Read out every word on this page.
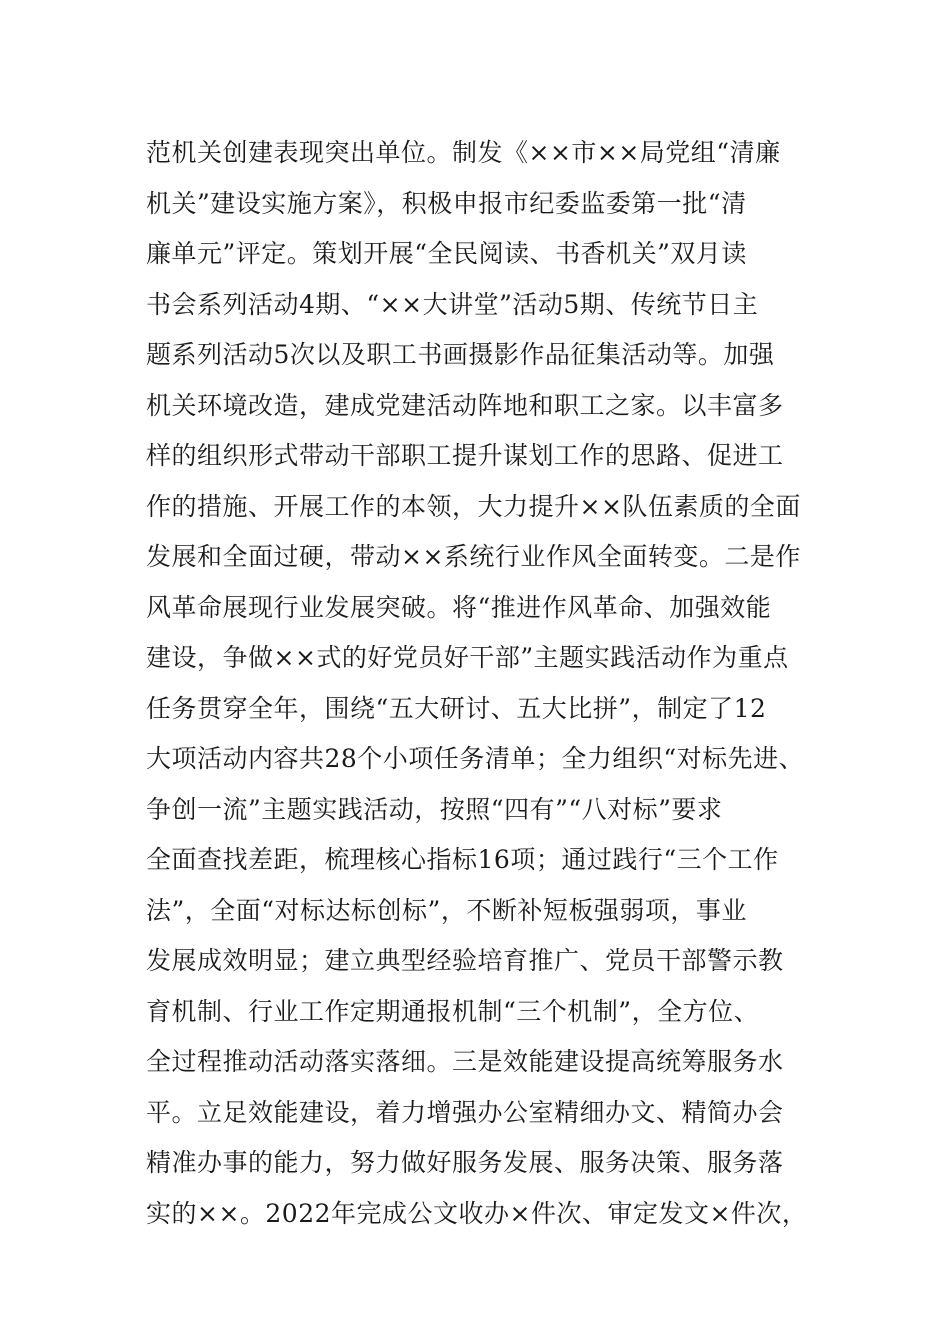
范机关创建表现突出单位。制发《××市××局党组“清廉
机关”建设实施方案》，积极申报市纪委监委第一批“清
廉单元”评定。策划开展“全民阅读、书香机关”双月读
书会系列活动4期、“××大讲堂”活动5期、传统节日主
题系列活动5次以及职工书画摄影作品征集活动等。加强
机关环境改造，建成党建活动阵地和职工之家。以丰富多
样的组织形式带动干部职工提升谋划工作的思路、促进工
作的措施、开展工作的本领，大力提升××队伍素质的全面
发展和全面过硬，带动××系统行业作风全面转变。二是作
风革命展现行业发展突破。将“推进作风革命、加强效能
建设，争做××式的好党员好干部”主题实践活动作为重点
任务贯穿全年，围绕“五大研讨、五大比拼”，制定了12
大项活动内容共28个小项任务清单；全力组织“对标先进、
争创一流”主题实践活动，按照“四有”“八对标”要求
全面查找差距，梳理核心指标16项；通过践行“三个工作
法”，全面“对标达标创标”，不断补短板强弱项，事业
发展成效明显；建立典型经验培育推广、党员干部警示教
育机制、行业工作定期通报机制“三个机制”，全方位、
全过程推动活动落实落细。三是效能建设提高统筹服务水
平。立足效能建设，着力增强办公室精细办文、精简办会
精准办事的能力，努力做好服务发展、服务决策、服务落
实的××。2022年完成公文收办×件次、审定发文×件次，
